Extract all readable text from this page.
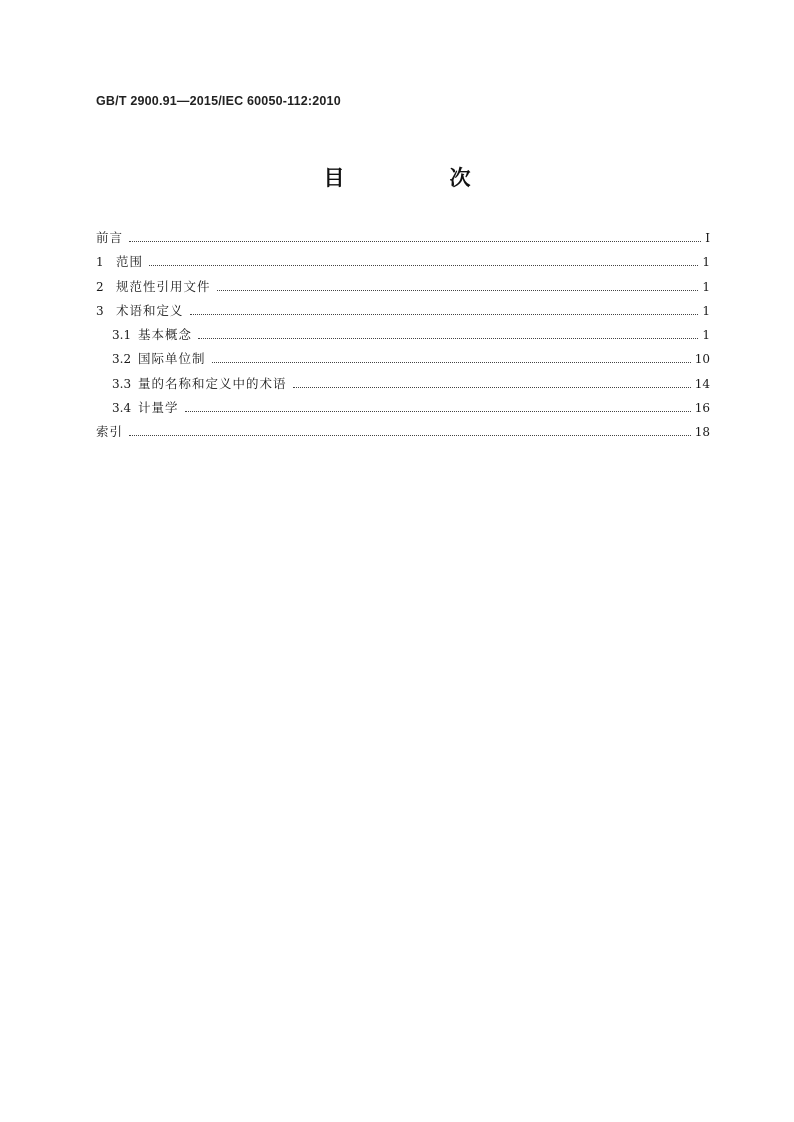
GB/T 2900.91—2015/IEC 60050-112:2010
目　次
前言	Ⅰ
1 范围	1
2 规范性引用文件	1
3 术语和定义	1
3.1 基本概念	1
3.2 国际单位制	10
3.3 量的名称和定义中的术语	14
3.4 计量学	16
索引	18
